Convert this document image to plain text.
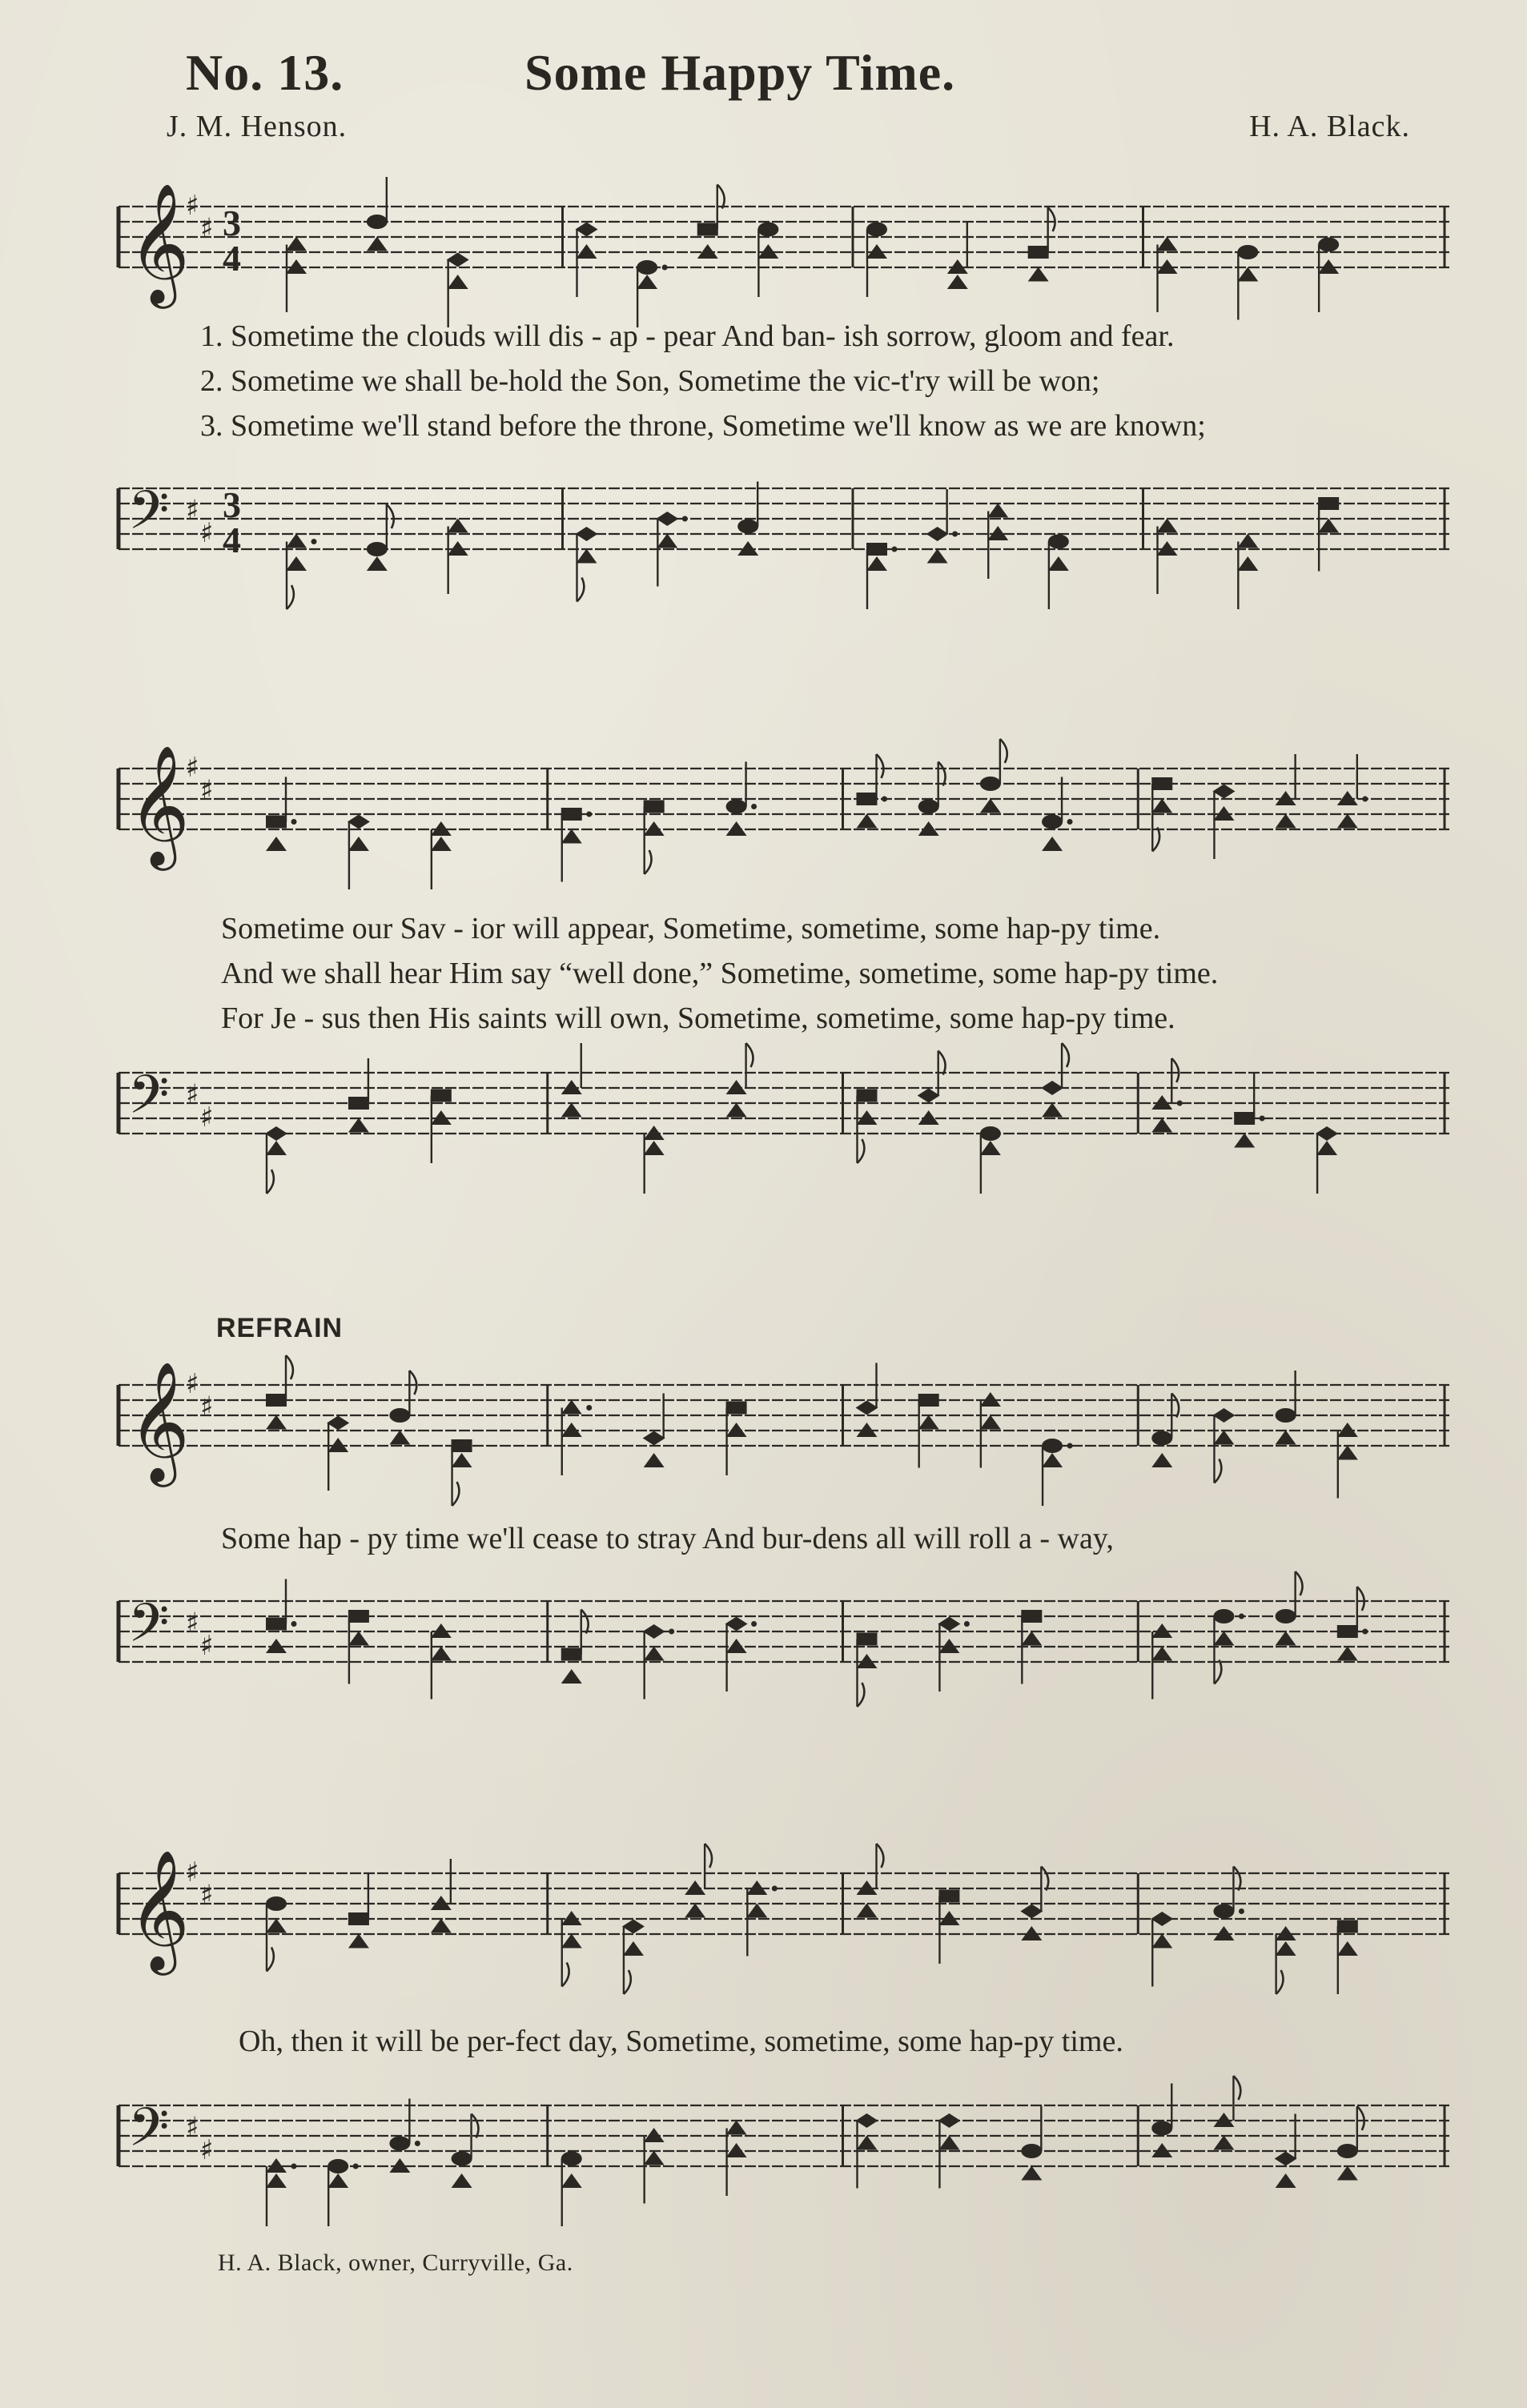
No. 13.	Some Happy Time.
J. M. Henson.	H. A. Black.
𝄞
♯
♯ 3
4
1. Sometime the clouds will dis - ap - pear And ban- ish sorrow, gloom and fear.
2. Sometime we shall be-hold the Son, Sometime the vic-t'ry will be won;
3. Sometime we'll stand before the throne, Sometime we'll know as we are known;
𝄢 ♯
♯
3
4
𝄞
♯
♯
Sometime our Sav - ior will appear, Sometime, sometime, some hap-py time.
And we shall hear Him say “well done,” Sometime, sometime, some hap-py time.
For Je - sus then His saints will own, Sometime, sometime, some hap-py time.
𝄢 ♯
♯
REFRAIN
𝄞
♯
♯
Some hap - py time we'll cease to stray And bur-dens all will roll a - way,
𝄢 ♯
♯
𝄞
♯
♯
Oh, then it will be per-fect day, Sometime, sometime, some hap-py time.
𝄢 ♯
♯
H. A. Black, owner, Curryville, Ga.
